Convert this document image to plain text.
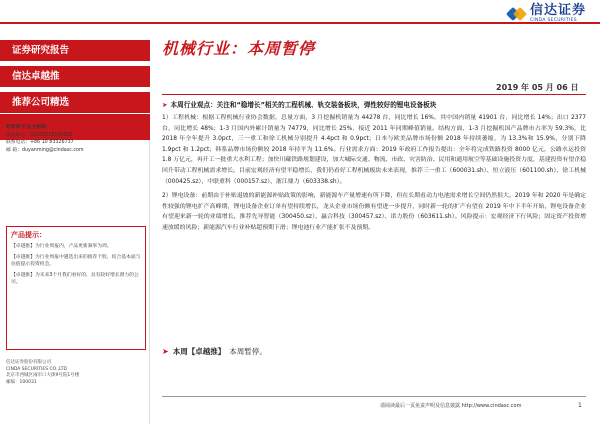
信达证券
CINDA SECURITIES
证券研究报告
信达卓越推
推荐公司精选
杜若明 行业分析师
执业编号：S1500518100002
联系电话：+86 10 83326737
邮 箱：duyanming@cindasc.com
产品提示：
【卓越推】为行业周报内，产品更新频率为周。
【卓越推】为行业周报中遴选出来的推荐个股，结合基本面与估值提示投资机会。
【卓越推】为未来3个月我们看好的、具有较好增长潜力的公司。
信达证券股份有限公司
CINDA SECURITIES CO.,LTD
北京市西城区闹市口大街9号院1号楼
邮编：100031
机械行业：本周暂停
2019 年 05 月 06 日
➤ 本周行业观点：关注和“稳增长”相关的工程机械、轨交装备板块，弹性较好的锂电设备板块

1）工程机械：根据工程机械行业协会数据，总量方面，3 月挖掘机销量为 44278 台，同比增长 16%，其中国内销量 41901 台，同比增长 14%；出口 2377 台，同比增长 48%；1-3 月国内外累计销量为 74779，同比增长 25%，接近 2011 年同期峰值销量。结构方面，1-3 月挖掘机国产品牌市占率为 59.3%，比 2018 年全年提升 3.0pct，三一重工和徐工机械分别提升 4.4pct 和 0.9pct；日本与欧美品牌市场份额 2018 年持续萎缩，为 13.3%和 15.9%，分别下降 1.9pct 和 1.2pct；韩系品牌市场份额较 2018 年持平为 11.6%。行业需求方面：2019 年政府工作报告提出：全年将完成铁路投资 8000 亿元，公路水运投资 1.8 万亿元，再开工一批重大水利工程；加快川藏铁路规划建设，加大城际交通、物流、市政、灾害防治、民用和通用航空等基础设施投资力度，基建投资有望企稳回升带动工程机械需求增长。目前宏观经济有望平稳增长，我们仍看好工程机械板块未来表现，推荐三一重工（600031.sh）、恒立液压（601100.sh）、徐工机械（000425.sz）、中联重科（000157.sz）、浙江鼎力（603338.sh）。

2）锂电设备：前期由于补贴退坡的新能源补贴政策的影响，新能源车产量增速有所下降，但在长期看动力电池需求增长空间仍然很大。2019 年和 2020 年是确定性较强的锂电扩产高峰期，锂电设备企业订单有望持续增长，龙头企业市场份额有望进一步提升，同时新一轮的扩产有望在 2019 年中下半年开始，锂电设备企业有望迎来新一轮的业绩增长，推荐先导智能（300450.sz）、赢合科技（300457.sz）、诺力股份（603611.sh）。风险提示：宏观经济下行风险；固定资产投资增速放缓的风险；新能源汽车行业补贴超预期下滑；锂电池行业产能扩张不及预期。

➤ 本周【卓越推】 本周暂停。
请阅读最后一页免责声明及信息披露 http://www.cindasc.com	1
